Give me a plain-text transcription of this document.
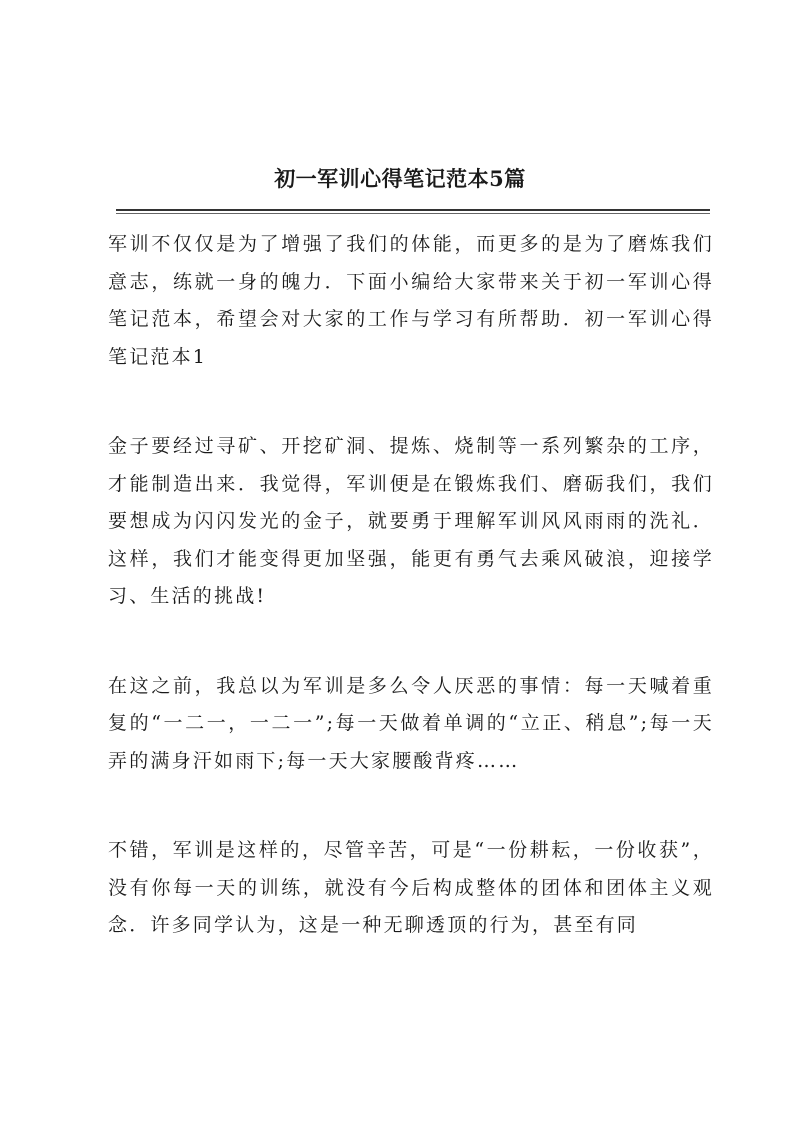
初一军训心得笔记范本5篇

军训不仅仅是为了增强了我们的体能，而更多的是为了磨炼我们意志，练就一身的魄力．下面小编给大家带来关于初一军训心得笔记范本，希望会对大家的工作与学习有所帮助．初一军训心得笔记范本1

金子要经过寻矿、开挖矿洞、提炼、烧制等一系列繁杂的工序，才能制造出来．我觉得，军训便是在锻炼我们、磨砺我们，我们要想成为闪闪发光的金子，就要勇于理解军训风风雨雨的洗礼．这样，我们才能变得更加坚强，能更有勇气去乘风破浪，迎接学习、生活的挑战!

在这之前，我总以为军训是多么令人厌恶的事情：每一天喊着重复的“一二一，一二一”;每一天做着单调的“立正、稍息”;每一天弄的满身汗如雨下;每一天大家腰酸背疼……

不错，军训是这样的，尽管辛苦，可是“一份耕耘，一份收获”，没有你每一天的训练，就没有今后构成整体的团体和团体主义观念．许多同学认为，这是一种无聊透顶的行为，甚至有同
